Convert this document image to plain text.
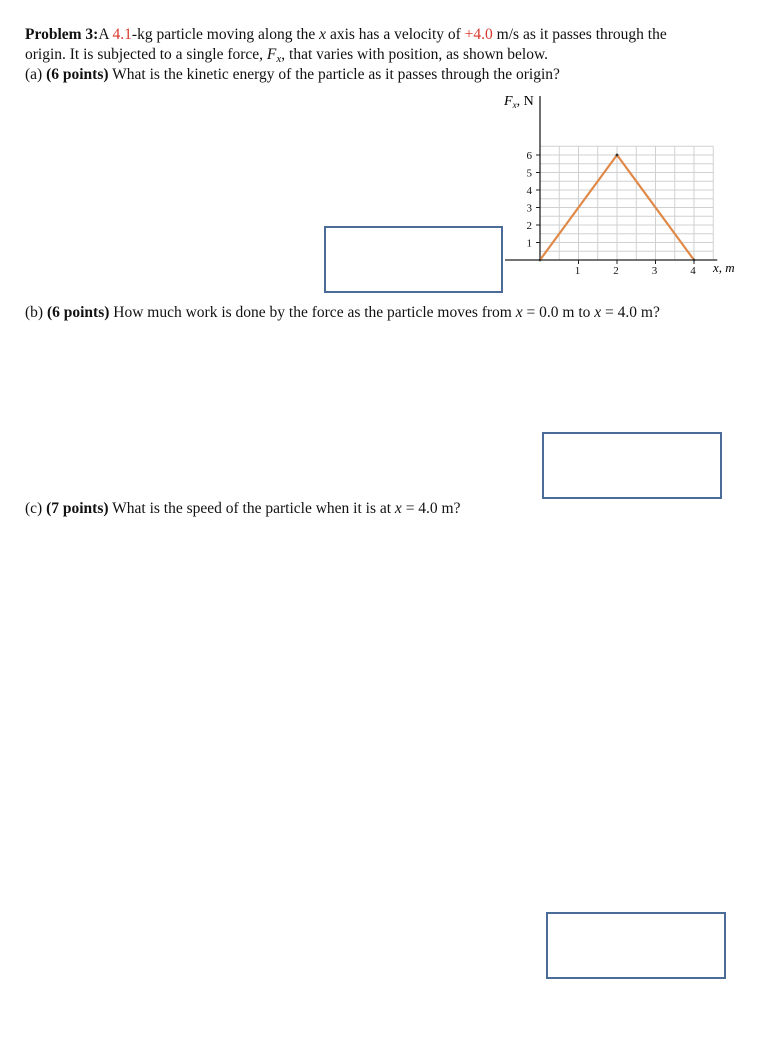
Problem 3:A 4.1-kg particle moving along the x axis has a velocity of +4.0 m/s as it passes through the
origin. It is subjected to a single force, Fx, that varies with position, as shown below.
(a) (6 points) What is the kinetic energy of the particle as it passes through the origin?
1
2
3
4
5
6
1	2	3	4
$F_x$, N
x, m
(b) (6 points) How much work is done by the force as the particle moves from x = 0.0 m to x = 4.0 m?
(c) (7 points) What is the speed of the particle when it is at x = 4.0 m?
